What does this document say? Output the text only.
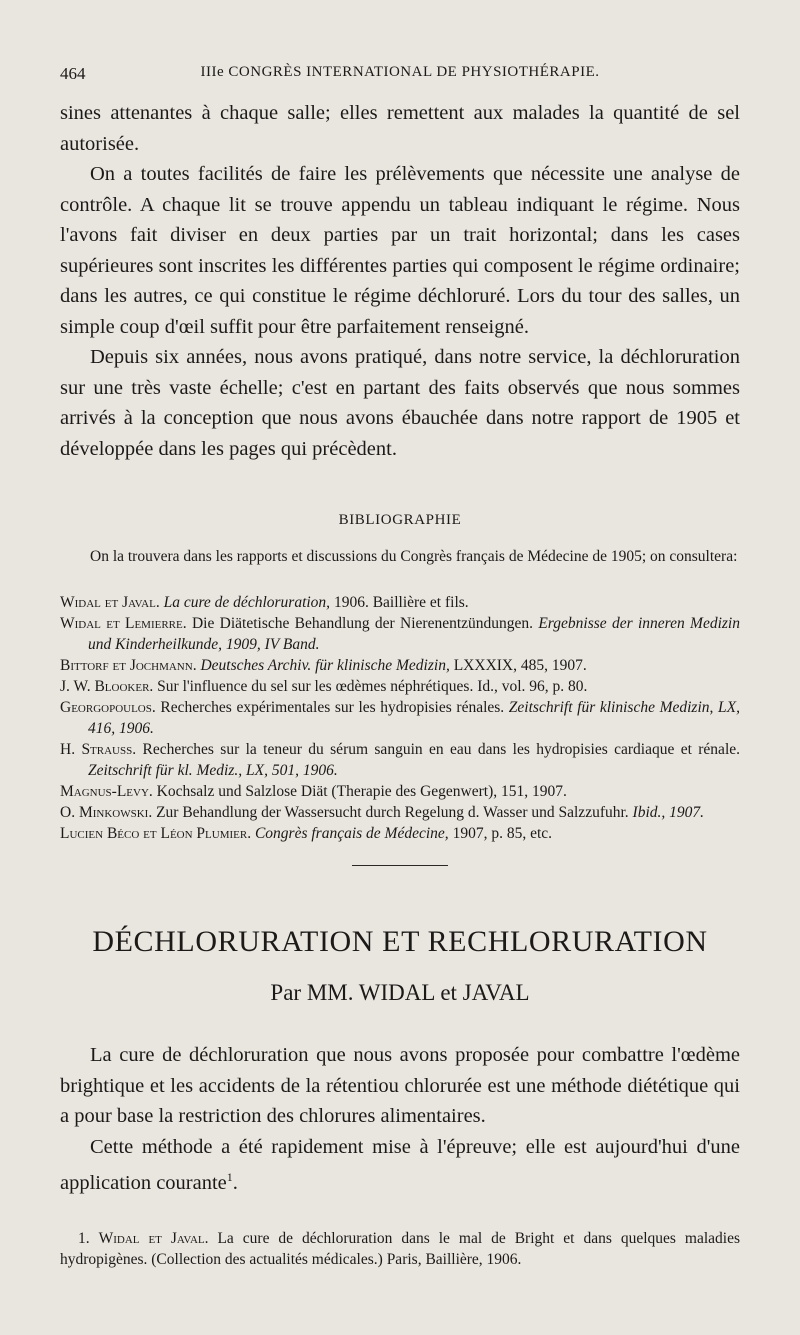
464	IIIe CONGRÈS INTERNATIONAL DE PHYSIOTHÉRAPIE.

sines attenantes à chaque salle; elles remettent aux malades la quantité de sel autorisée.

On a toutes facilités de faire les prélèvements que nécessite une analyse de contrôle. A chaque lit se trouve appendu un tableau indiquant le régime. Nous l'avons fait diviser en deux parties par un trait horizontal; dans les cases supérieures sont inscrites les différentes parties qui composent le régime ordinaire; dans les autres, ce qui constitue le régime déchloruré. Lors du tour des salles, un simple coup d'œil suffit pour être parfaitement renseigné.

Depuis six années, nous avons pratiqué, dans notre service, la déchloruration sur une très vaste échelle; c'est en partant des faits observés que nous sommes arrivés à la conception que nous avons ébauchée dans notre rapport de 1905 et développée dans les pages qui précèdent.

BIBLIOGRAPHIE

On la trouvera dans les rapports et discussions du Congrès français de Médecine de 1905; on consultera:

Widal et Javal. La cure de déchloruration, 1906. Baillière et fils.
Widal et Lemierre. Die Diätetische Behandlung der Nierenentzündungen. Ergebnisse der inneren Medizin und Kinderheilkunde, 1909, IV Band.
Bittorf et Jochmann. Deutsches Archiv. für klinische Medizin, LXXXIX, 485, 1907.
J. W. Blooker. Sur l'influence du sel sur les œdèmes néphrétiques. Id., vol. 96, p. 80.
Georgopoulos. Recherches expérimentales sur les hydropisies rénales. Zeitschrift für klinische Medizin, LX, 416, 1906.
H. Strauss. Recherches sur la teneur du sérum sanguin en eau dans les hydropisies cardiaque et rénale. Zeitschrift für kl. Mediz., LX, 501, 1906.
Magnus-Levy. Kochsalz und Salzlose Diät (Therapie des Gegenwert), 151, 1907.
O. Minkowski. Zur Behandlung der Wassersucht durch Regelung d. Wasser und Salzzufuhr. Ibid., 1907.
Lucien Béco et Léon Plumier. Congrès français de Médecine, 1907, p. 85, etc.
DÉCHLORURATION ET RECHLORURATION
Par MM. WIDAL et JAVAL

La cure de déchloruration que nous avons proposée pour combattre l'œdème brightique et les accidents de la rétentiou chlorurée est une méthode diététique qui a pour base la restriction des chlorures alimentaires.

Cette méthode a été rapidement mise à l'épreuve; elle est aujourd'hui d'une application courante$^1$.

1. Widal et Javal. La cure de déchloruration dans le mal de Bright et dans quelques maladies hydropigènes. (Collection des actualités médicales.) Paris, Baillière, 1906.
